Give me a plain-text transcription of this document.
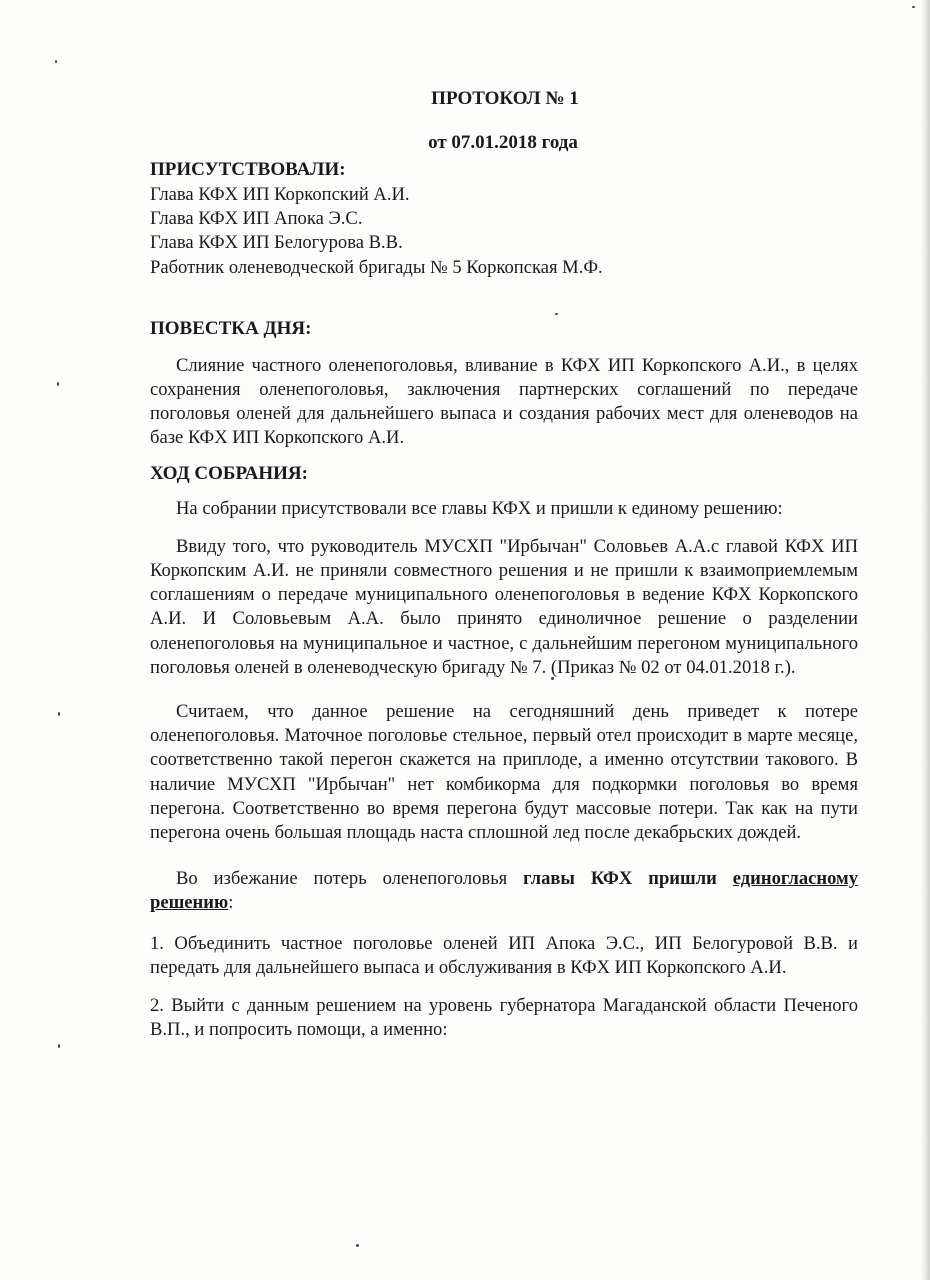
ПРОТОКОЛ № 1
от 07.01.2018 года

ПРИСУТСТВОВАЛИ:

Глава КФХ ИП Коркопский А.И.

Глава КФХ ИП Апока Э.С.

Глава КФХ ИП Белогурова В.В.

Работник оленеводческой бригады № 5 Коркопская М.Ф.

ПОВЕСТКА ДНЯ:

Слияние частного оленепоголовья, вливание в КФХ ИП Коркопского А.И., в целях сохранения оленепоголовья, заключения партнерских соглашений по передаче поголовья оленей для дальнейшего выпаса и создания рабочих мест для оленеводов на базе КФХ ИП Коркопского А.И.

ХОД СОБРАНИЯ:

На собрании присутствовали все главы КФХ и пришли к единому решению:

Ввиду того, что руководитель МУСХП "Ирбычан" Соловьев А.А.с главой КФХ ИП Коркопским А.И. не приняли совместного решения и не пришли к взаимоприемлемым соглашениям о передаче муниципального оленепоголовья в ведение КФХ Коркопского А.И. И Соловьевым А.А. было принято единоличное решение о разделении оленепоголовья на муниципальное и частное, с дальнейшим перегоном муниципального поголовья оленей в оленеводческую бригаду № 7. (Приказ № 02 от 04.01.2018 г.).

Считаем, что данное решение на сегодняшний день приведет к потере оленепоголовья. Маточное поголовье стельное, первый отел происходит в марте месяце, соответственно такой перегон скажется на приплоде, а именно отсутствии такового. В наличие МУСХП "Ирбычан" нет комбикорма для подкормки поголовья во время перегона. Соответственно во время перегона будут массовые потери. Так как на пути перегона очень большая площадь наста сплошной лед после декабрьских дождей.

Во избежание потерь оленепоголовья главы КФХ пришли единогласному решению:

1. Объединить частное поголовье оленей ИП Апока Э.С., ИП Белогуровой В.В. и передать для дальнейшего выпаса и обслуживания в КФХ ИП Коркопского А.И.

2. Выйти с данным решением на уровень губернатора Магаданской области Печеного В.П., и попросить помощи, а именно:
